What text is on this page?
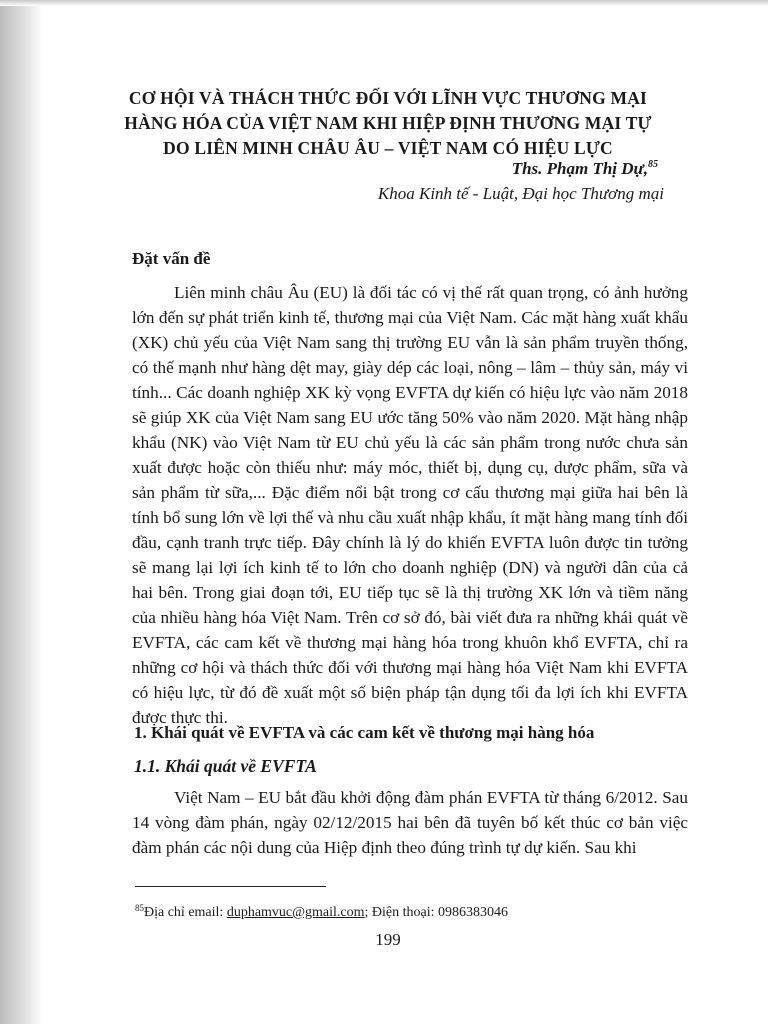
CƠ HỘI VÀ THÁCH THỨC ĐỐI VỚI LĨNH VỰC THƯƠNG MẠI
HÀNG HÓA CỦA VIỆT NAM KHI HIỆP ĐỊNH THƯƠNG MẠI TỰ
DO LIÊN MINH CHÂU ÂU – VIỆT NAM CÓ HIỆU LỰC
Ths. Phạm Thị Dự,$^{85}$
Khoa Kinh tế - Luật, Đại học Thương mại
Đặt vấn đề
Liên minh châu Âu (EU) là đối tác có vị thế rất quan trọng, có ảnh hưởng lớn đến sự phát triển kinh tế, thương mại của Việt Nam. Các mặt hàng xuất khẩu (XK) chủ yếu của Việt Nam sang thị trường EU vẫn là sản phẩm truyền thống, có thế mạnh như hàng dệt may, giày dép các loại, nông – lâm – thủy sản, máy vi tính... Các doanh nghiệp XK kỳ vọng EVFTA dự kiến có hiệu lực vào năm 2018 sẽ giúp XK của Việt Nam sang EU ước tăng 50% vào năm 2020. Mặt hàng nhập khẩu (NK) vào Việt Nam từ EU chủ yếu là các sản phẩm trong nước chưa sản xuất được hoặc còn thiếu như: máy móc, thiết bị, dụng cụ, dược phẩm, sữa và sản phẩm từ sữa,... Đặc điểm nổi bật trong cơ cấu thương mại giữa hai bên là tính bổ sung lớn về lợi thế và nhu cầu xuất nhập khẩu, ít mặt hàng mang tính đối đầu, cạnh tranh trực tiếp. Đây chính là lý do khiến EVFTA luôn được tin tưởng sẽ mang lại lợi ích kinh tế to lớn cho doanh nghiệp (DN) và người dân của cả hai bên. Trong giai đoạn tới, EU tiếp tục sẽ là thị trường XK lớn và tiềm năng của nhiều hàng hóa Việt Nam. Trên cơ sở đó, bài viết đưa ra những khái quát về EVFTA, các cam kết về thương mại hàng hóa trong khuôn khổ EVFTA, chỉ ra những cơ hội và thách thức đối với thương mại hàng hóa Việt Nam khi EVFTA có hiệu lực, từ đó đề xuất một số biện pháp tận dụng tối đa lợi ích khi EVFTA được thực thi.
1. Khái quát về EVFTA và các cam kết về thương mại hàng hóa
1.1. Khái quát về EVFTA
Việt Nam – EU bắt đầu khởi động đàm phán EVFTA từ tháng 6/2012. Sau 14 vòng đàm phán, ngày 02/12/2015 hai bên đã tuyên bố kết thúc cơ bản việc đàm phán các nội dung của Hiệp định theo đúng trình tự dự kiến. Sau khi
$^{85}$Địa chỉ email: duphamvuc@gmail.com; Điện thoại: 0986383046
199
